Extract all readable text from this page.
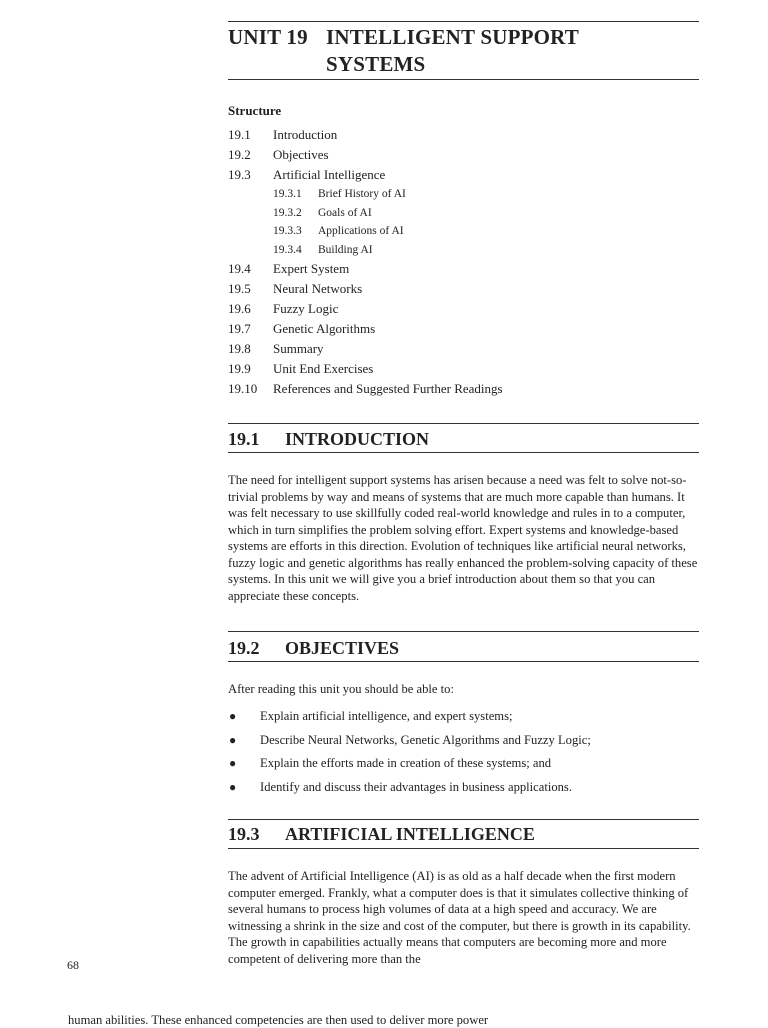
UNIT 19 INTELLIGENT SUPPORT
SYSTEMS
Structure
19.1	Introduction
19.2	Objectives
19.3	Artificial Intelligence
19.3.1	Brief History of AI
19.3.2	Goals of AI
19.3.3	Applications of AI
19.3.4	Building AI
19.4	Expert System
19.5	Neural Networks
19.6	Fuzzy Logic
19.7	Genetic Algorithms
19.8	Summary
19.9	Unit End Exercises
19.10	References and Suggested Further Readings
19.1 INTRODUCTION
The need for intelligent support systems has arisen because a need was felt to solve not-so-trivial problems by way and means of systems that are much more capable than humans. It was felt necessary to use skillfully coded real-world knowledge and rules in to a computer, which in turn simplifies the problem solving effort. Expert systems and knowledge-based systems are efforts in this direction. Evolution of techniques like artificial neural networks, fuzzy logic and genetic algorithms has really enhanced the problem-solving capacity of these systems. In this unit we will give you a brief introduction about them so that you can appreciate these concepts.
19.2 OBJECTIVES
After reading this unit you should be able to:
●	Explain artificial intelligence, and expert systems;
●	Describe Neural Networks, Genetic Algorithms and Fuzzy Logic;
●	Explain the efforts made in creation of these systems; and
●	Identify and discuss their advantages in business applications.
19.3 ARTIFICIAL INTELLIGENCE
The advent of Artificial Intelligence (AI) is as old as a half decade when the first modern computer emerged. Frankly, what a computer does is that it simulates collective thinking of several humans to process high volumes of data at a high speed and accuracy. We are witnessing a shrink in the size and cost of the computer, but there is growth in its capability. The growth in capabilities actually means that computers are becoming more and more competent of delivering more than the
68
human abilities. These enhanced competencies are then used to deliver more power
